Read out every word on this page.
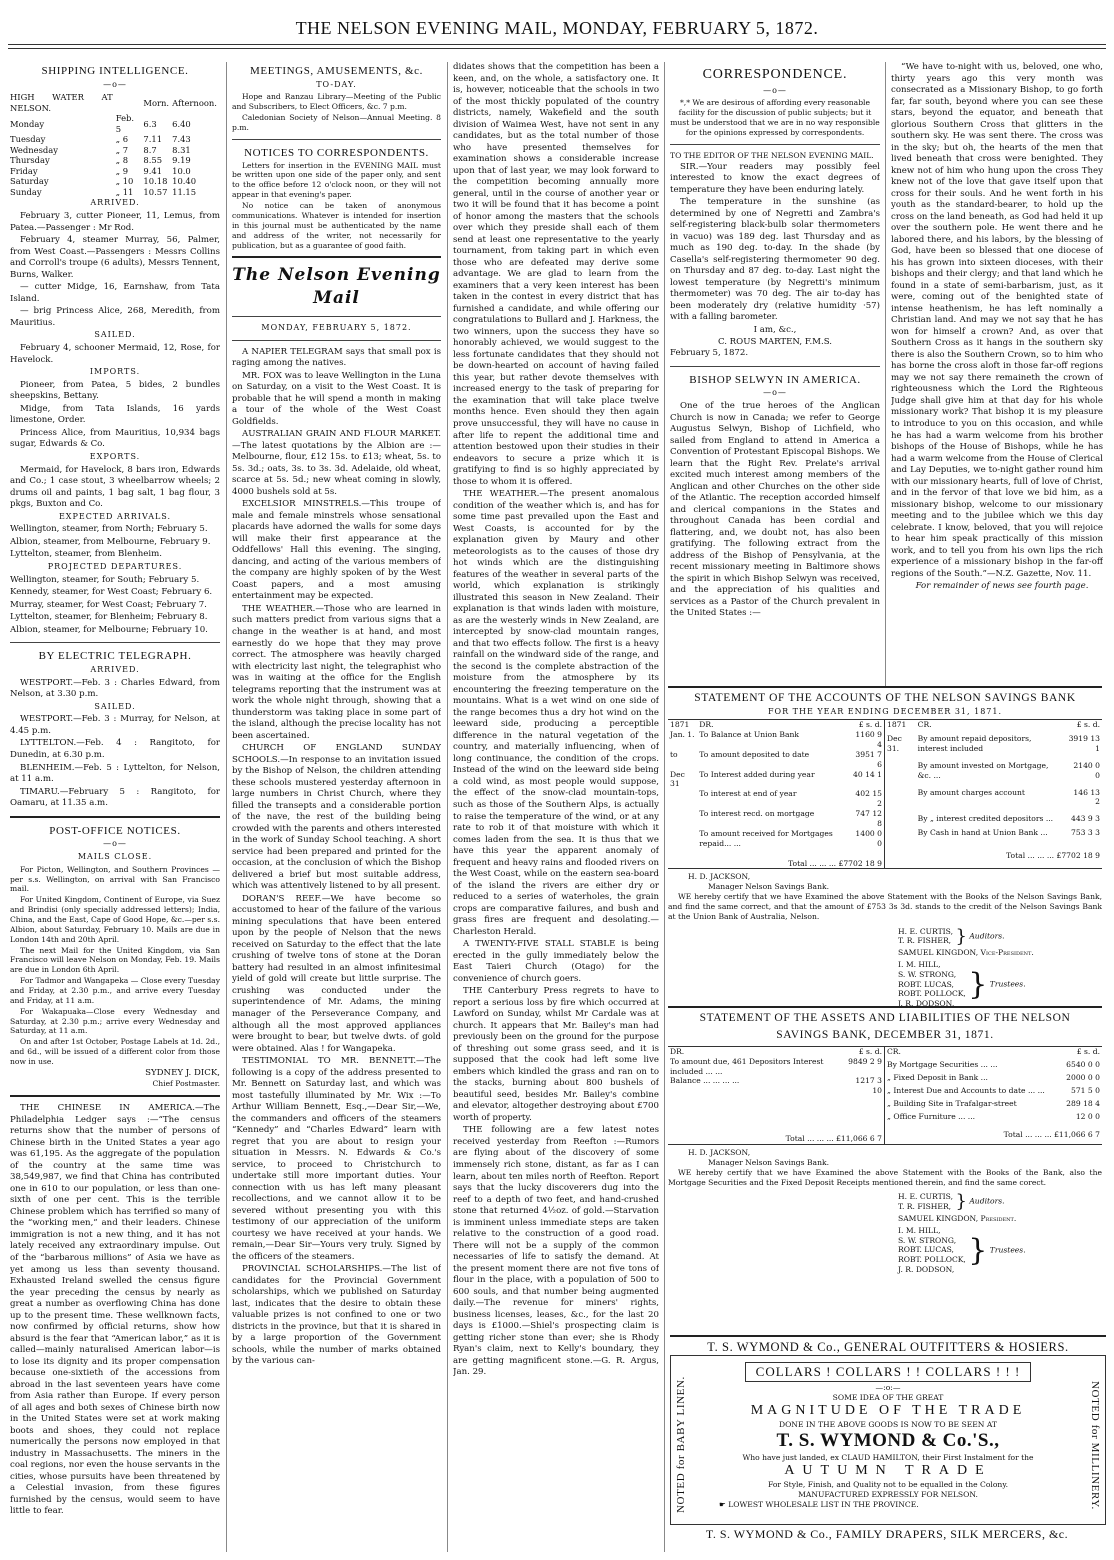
THE NELSON EVENING MAIL, MONDAY, FEBRUARY 5, 1872.
SHIPPING INTELLIGENCE.
—o—
HIGH WATER AT NELSON.		Morn.	Afternoon.
Monday	Feb. 5	6.3	6.40
Tuesday	„ 6	7.11	7.43
Wednesday	„ 7	8.7	8.31
Thursday	„ 8	8.55	9.19
Friday	„ 9	9.41	10.0
Saturday	„ 10	10.18	10.40
Sunday	„ 11	10.57	11.15
ARRIVED.

February 3, cutter Pioneer, 11, Lemus, from Patea.—Passenger : Mr Rod.

February 4, steamer Murray, 56, Palmer, from West Coast.—Passengers : Messrs Collins and Corroll's troupe (6 adults), Messrs Tennent, Burns, Walker.

— cutter Midge, 16, Earnshaw, from Tata Island.

— brig Princess Alice, 268, Meredith, from Mauritius.

SAILED.

February 4, schooner Mermaid, 12, Rose, for Havelock.

IMPORTS.

Pioneer, from Patea, 5 bides, 2 bundles sheepskins, Bettany.

Midge, from Tata Islands, 16 yards limestone, Order.

Princess Alice, from Mauritius, 10,934 bags sugar, Edwards & Co.

EXPORTS.

Mermaid, for Havelock, 8 bars iron, Edwards and Co.; 1 case stout, 3 wheelbarrow wheels; 2 drums oil and paints, 1 bag salt, 1 bag flour, 3 pkgs, Buxton and Co.

EXPECTED ARRIVALS.

Wellington, steamer, from North; February 5.

Albion, steamer, from Melbourne, February 9.

Lyttelton, steamer, from Blenheim.

PROJECTED DEPARTURES.

Wellington, steamer, for South; February 5.

Kennedy, steamer, for West Coast; February 6.

Murray, steamer, for West Coast; February 7.

Lyttelton, steamer, for Blenheim; February 8.

Albion, steamer, for Melbourne; February 10.

BY ELECTRIC TELEGRAPH.
ARRIVED.

WESTPORT.—Feb. 3 : Charles Edward, from Nelson, at 3.30 p.m.

SAILED.

WESTPORT.—Feb. 3 : Murray, for Nelson, at 4.45 p.m.

LYTTELTON.—Feb. 4 : Rangitoto, for Dunedin, at 6.30 p.m.

BLENHEIM.—Feb. 5 : Lyttelton, for Nelson, at 11 a.m.

TIMARU.—February 5 : Rangitoto, for Oamaru, at 11.35 a.m.

POST-OFFICE NOTICES.
—o—
MAILS CLOSE.

For Picton, Wellington, and Southern Provinces —per s.s. Wellington, on arrival with San Francisco mail.

For United Kingdom, Continent of Europe, via Suez and Brindisi (only specially addressed letters); India, China, and the East, Cape of Good Hope, &c.—per s.s. Albion, about Saturday, February 10. Mails are due in London 14th and 20th April.

The next Mail for the United Kingdom, via San Francisco will leave Nelson on Monday, Feb. 19. Mails are due in London 6th April.

For Tadmor and Wangapeka — Close every Tuesday and Friday, at 2.30 p.m., and arrive every Tuesday and Friday, at 11 a.m.

For Wakapuaka—Close every Wednesday and Saturday, at 2.30 p.m.; arrive every Wednesday and Saturday, at 11 a.m.

On and after 1st October, Postage Labels at 1d. 2d., and 6d., will be issued of a different color from those now in use.

SYDNEY J. DICK,
Chief Postmaster.

THE CHINESE IN AMERICA.—The Philadelphia Ledger says :—“The census returns show that the number of persons of Chinese birth in the United States a year ago was 61,195. As the aggregate of the population of the country at the same time was 38,549,987, we find that China has contributed one in 610 to our population, or less than one-sixth of one per cent. This is the terrible Chinese problem which has terrified so many of the “working men,” and their leaders. Chinese immigration is not a new thing, and it has not lately received any extraordinary impulse. Out of the “barbarous millions” of Asia we have as yet among us less than seventy thousand. Exhausted Ireland swelled the census figure the year preceding the census by nearly as great a number as overflowing China has done up to the present time. These wellknown facts, now confirmed by official returns, show how absurd is the fear that “American labor,” as it is called—mainly naturalised American labor—is to lose its dignity and its proper compensation because one-sixtieth of the accessions from abroad in the last seventeen years have come from Asia rather than Europe. If every person of all ages and both sexes of Chinese birth now in the United States were set at work making boots and shoes, they could not replace numerically the persons now employed in that industry in Massachusetts. The miners in the coal regions, nor even the house servants in the cities, whose pursuits have been threatened by a Celestial invasion, from these figures furnished by the census, would seem to have little to fear.

MEETINGS, AMUSEMENTS, &c.
TO-DAY.

Hope and Ranzau Library—Meeting of the Public and Subscribers, to Elect Officers, &c. 7 p.m.

Caledonian Society of Nelson—Annual Meeting. 8 p.m.

NOTICES TO CORRESPONDENTS.

Letters for insertion in the EVENING MAIL must be written upon one side of the paper only, and sent to the office before 12 o'clock noon, or they will not appear in that evening's paper.

No notice can be taken of anonymous communications. Whatever is intended for insertion in this journal must be authenticated by the name and address of the writer, not necessarily for publication, but as a guarantee of good faith.

The Nelson Evening Mail
MONDAY, FEBRUARY 5, 1872.

A NAPIER TELEGRAM says that small pox is raging among the natives.

MR. FOX was to leave Wellington in the Luna on Saturday, on a visit to the West Coast. It is probable that he will spend a month in making a tour of the whole of the West Coast Goldfields.

AUSTRALIAN GRAIN AND FLOUR MARKET.—The latest quotations by the Albion are :—Melbourne, flour, £12 15s. to £13; wheat, 5s. to 5s. 3d.; oats, 3s. to 3s. 3d. Adelaide, old wheat, scarce at 5s. 5d.; new wheat coming in slowly, 4000 bushels sold at 5s.

EXCELSIOR MINSTRELS.—This troupe of male and female minstrels whose sensational placards have adorned the walls for some days will make their first appearance at the Oddfellows' Hall this evening. The singing, dancing, and acting of the various members of the company are highly spoken of by the West Coast papers, and a most amusing entertainment may be expected.

THE WEATHER.—Those who are learned in such matters predict from various signs that a change in the weather is at hand, and most earnestly do we hope that they may prove correct. The atmosphere was heavily charged with electricity last night, the telegraphist who was in waiting at the office for the English telegrams reporting that the instrument was at work the whole night through, showing that a thunderstorm was taking place in some part of the island, although the precise locality has not been ascertained.

CHURCH OF ENGLAND SUNDAY SCHOOLS.—In response to an invitation issued by the Bishop of Nelson, the children attending these schools mustered yesterday afternoon in large numbers in Christ Church, where they filled the transepts and a considerable portion of the nave, the rest of the building being crowded with the parents and others interested in the work of Sunday School teaching. A short service had been prepared and printed for the occasion, at the conclusion of which the Bishop delivered a brief but most suitable address, which was attentively listened to by all present.

DORAN'S REEF.—We have become so accustomed to hear of the failure of the various mining speculations that have been entered upon by the people of Nelson that the news received on Saturday to the effect that the late crushing of twelve tons of stone at the Doran battery had resulted in an almost infinitesimal yield of gold will create but little surprise. The crushing was conducted under the superintendence of Mr. Adams, the mining manager of the Perseverance Company, and although all the most approved appliances were brought to bear, but twelve dwts. of gold were obtained. Alas ! for Wangapeka.

TESTIMONIAL TO MR. BENNETT.—The following is a copy of the address presented to Mr. Bennett on Saturday last, and which was most tastefully illuminated by Mr. Wix :—To Arthur William Bennett, Esq.,—Dear Sir,—We, the commanders and officers of the steamers “Kennedy” and “Charles Edward” learn with regret that you are about to resign your situation in Messrs. N. Edwards & Co.'s service, to proceed to Christchurch to undertake still more important duties. Your connection with us has left many pleasant recollections, and we cannot allow it to be severed without presenting you with this testimony of our appreciation of the uniform courtesy we have received at your hands. We remain,—Dear Sir—Yours very truly. Signed by the officers of the steamers.

PROVINCIAL SCHOLARSHIPS.—The list of candidates for the Provincial Government scholarships, which we published on Saturday last, indicates that the desire to obtain these valuable prizes is not confined to one or two districts in the province, but that it is shared in by a large proportion of the Government schools, while the number of marks obtained by the various can-

didates shows that the competition has been a keen, and, on the whole, a satisfactory one. It is, however, noticeable that the schools in two of the most thickly populated of the country districts, namely, Wakefield and the south division of Waimea West, have not sent in any candidates, but as the total number of those who have presented themselves for examination shows a considerable increase upon that of last year, we may look forward to the competition becoming annually more general, until in the course of another year or two it will be found that it has become a point of honor among the masters that the schools over which they preside shall each of them send at least one representative to the yearly tournament, from taking part in which even those who are defeated may derive some advantage. We are glad to learn from the examiners that a very keen interest has been taken in the contest in every district that has furnished a candidate, and while offering our congratulations to Bullard and J. Harkness, the two winners, upon the success they have so honorably achieved, we would suggest to the less fortunate candidates that they should not be down-hearted on account of having failed this year, but rather devote themselves with increased energy to the task of preparing for the examination that will take place twelve months hence. Even should they then again prove unsuccessful, they will have no cause in after life to repent the additional time and attention bestowed upon their studies in their endeavors to secure a prize which it is gratifying to find is so highly appreciated by those to whom it is offered.

THE WEATHER.—The present anomalous condition of the weather which is, and has for some time past prevailed upon the East and West Coasts, is accounted for by the explanation given by Maury and other meteorologists as to the causes of those dry hot winds which are the distinguishing features of the weather in several parts of the world, which explanation is strikingly illustrated this season in New Zealand. Their explanation is that winds laden with moisture, as are the westerly winds in New Zealand, are intercepted by snow-clad mountain ranges, and that two effects follow. The first is a heavy rainfall on the windward side of the range, and the second is the complete abstraction of the moisture from the atmosphere by its encountering the freezing temperature on the mountains. What is a wet wind on one side of the range becomes thus a dry hot wind on the leeward side, producing a perceptible difference in the natural vegetation of the country, and materially influencing, when of long continuance, the condition of the crops. Instead of the wind on the leeward side being a cold wind, as most people would suppose, the effect of the snow-clad mountain-tops, such as those of the Southern Alps, is actually to raise the temperature of the wind, or at any rate to rob it of that moisture with which it comes laden from the sea. It is thus that we have this year the apparent anomaly of frequent and heavy rains and flooded rivers on the West Coast, while on the eastern sea-board of the island the rivers are either dry or reduced to a series of waterholes, the grain crops are comparative failures, and bush and grass fires are frequent and desolating.—Charleston Herald.

A TWENTY-FIVE STALL STABLE is being erected in the gully immediately below the East Taieri Church (Otago) for the convenience of church goers.

THE Canterbury Press regrets to have to report a serious loss by fire which occurred at Lawford on Sunday, whilst Mr Cardale was at church. It appears that Mr. Bailey's man had previously been on the ground for the purpose of threshing out some grass seed, and it is supposed that the cook had left some live embers which kindled the grass and ran on to the stacks, burning about 800 bushels of beautiful seed, besides Mr. Bailey's combine and elevator, altogether destroying about £700 worth of property.

THE following are a few latest notes received yesterday from Reefton :—Rumors are flying about of the discovery of some immensely rich stone, distant, as far as I can learn, about ten miles north of Reefton. Report says that the lucky discoverers dug into the reef to a depth of two feet, and hand-crushed stone that returned 4½oz. of gold.—Starvation is imminent unless immediate steps are taken relative to the construction of a good road. There will not be a supply of the common necessaries of life to satisfy the demand. At the present moment there are not five tons of flour in the place, with a population of 500 to 600 souls, and that number being augmented daily.—The revenue for miners' rights, business licenses, leases, &c., for the last 20 days is £1000.—Shiel's prospecting claim is getting richer stone than ever; she is Rhody Ryan's claim, next to Kelly's boundary, they are getting magnificent stone.—G. R. Argus, Jan. 29.

CORRESPONDENCE.
—o—

*,* We are desirous of affording every reasonable facility for the discussion of public subjects; but it must be understood that we are in no way responsible for the opinions expressed by correspondents.

TO THE EDITOR OF THE NELSON EVENING MAIL.

SIR.—Your readers may possibly feel interested to know the exact degrees of temperature they have been enduring lately.

The temperature in the sunshine (as determined by one of Negretti and Zambra's self-registering black-bulb solar thermometers in vacuo) was 189 deg. last Thursday and as much as 190 deg. to-day. In the shade (by Casella's self-registering thermometer 90 deg. on Thursday and 87 deg. to-day. Last night the lowest temperature (by Negretti's minimum thermometer) was 70 deg. The air to-day has been moderately dry (relative humidity ·57) with a falling barometer.

I am, &c.,
C. ROUS MARTEN, F.M.S.
February 5, 1872.
BISHOP SELWYN IN AMERICA.
—o—

One of the true heroes of the Anglican Church is now in Canada; we refer to George Augustus Selwyn, Bishop of Lichfield, who sailed from England to attend in America a Convention of Protestant Episcopal Bishops. We learn that the Right Rev. Prelate's arrival excited much interest among members of the Anglican and other Churches on the other side of the Atlantic. The reception accorded himself and clerical companions in the States and throughout Canada has been cordial and flattering, and, we doubt not, has also been gratifying. The following extract from the address of the Bishop of Pensylvania, at the recent missionary meeting in Baltimore shows the spirit in which Bishop Selwyn was received, and the appreciation of his qualities and services as a Pastor of the Church prevalent in the United States :—

“We have to-night with us, beloved, one who, thirty years ago this very month was consecrated as a Missionary Bishop, to go forth far, far south, beyond where you can see these stars, beyond the equator, and beneath that glorious Southern Cross that glitters in the southern sky. He was sent there. The cross was in the sky; but oh, the hearts of the men that lived beneath that cross were benighted. They knew not of him who hung upon the cross They knew not of the love that gave itself upon that cross for their souls. And he went forth in his youth as the standard-bearer, to hold up the cross on the land beneath, as God had held it up over the southern pole. He went there and he labored there, and his labors, by the blessing of God, have been so blessed that one diocese of his has grown into sixteen dioceses, with their bishops and their clergy; and that land which he found in a state of semi-barbarism, just, as it were, coming out of the benighted state of intense heathenism, he has left nominally a Christian land. And may we not say that he has won for himself a crown? And, as over that Southern Cross as it hangs in the southern sky there is also the Southern Crown, so to him who has borne the cross aloft in those far-off regions may we not say there remaineth the crown of righteousness which the Lord the Righteous Judge shall give him at that day for his whole missionary work? That bishop it is my pleasure to introduce to you on this occasion, and while he has had a warm welcome from his brother bishops of the House of Bishops, while he has had a warm welcome from the House of Clerical and Lay Deputies, we to-night gather round him with our missionary hearts, full of love of Christ, and in the fervor of that love we bid him, as a missionary bishop, welcome to our missionary meeting and to the jubilee which we this day celebrate. I know, beloved, that you will rejoice to hear him speak practically of this mission work, and to tell you from his own lips the rich experience of a missionary bishop in the far-off regions of the South.”—N.Z. Gazette, Nov. 11.

For remainder of news see fourth page.

STATEMENT OF THE ACCOUNTS OF THE NELSON SAVINGS BANK
FOR THE YEAR ENDING DECEMBER 31, 1871.
1871	DR.	£ s. d.
Jan. 1.	To Balance at Union Bank	1160 9 4
to	To amount deposited to date	3951 7 6
Dec 31	To Interest added during year	40 14 1
	To interest at end of year	402 15 2
	To interest recd. on mortgage	747 12 8
	To amount received for Mortgages repaid... ...	1400 0 0
	Total ... ... ... £7702 18 9	
1871	CR.	£ s. d.
Dec 31.	By amount repaid depositors, interest included	3919 13 1
	By amount invested on Mortgage, &c. ...	2140 0 0
	By amount charges account	146 13 2
	By „ interest credited depositors ...	443 9 3
	By Cash in hand at Union Bank ...	753 3 3
	Total ... ... ... £7702 18 9	
H. D. JACKSON,
Manager Nelson Savings Bank.
WE hereby certify that we have Examined the above Statement with the Books of the Nelson Savings Bank, and find the same correct, and that the amount of £753 3s 3d. stands to the credit of the Nelson Savings Bank at the Union Bank of Australia, Nelson.
H. E. CURTIS,
T. R. FISHER, } Auditors.
SAMUEL KINGDON, Vice-President.
I. M. HILL,
S. W. STRONG,
ROBT. LUCAS,
ROBT. POLLOCK,
J. R. DODSON,
} Trustees.
STATEMENT OF THE ASSETS AND LIABILITIES OF THE NELSON
SAVINGS BANK, DECEMBER 31, 1871.
DR.	£ s. d.
To amount due, 461 Depositors Interest included ... ...	9849 2 9
Balance ... ... ... ...	1217 3 10
Total ... ... ... £11,066 6 7	
CR.	£ s. d.
By Mortgage Securities ... ...	6540 0 0
„ Fixed Deposit in Bank ...	2000 0 0
„ Interest Due and Accounts to date ... ...	571 5 0
„ Building Site in Trafalgar-street	289 18 4
„ Office Furniture ... ...	12 0 0
Total ... ... ... £11,066 6 7	
H. D. JACKSON,
Manager Nelson Savings Bank.
WE hereby certify that we have Examined the above Statement with the Books of the Bank, also the Mortgage Securities and the Fixed Deposit Receipts mentioned therein, and find the same corect.
H. E. CURTIS,
T. R. FISHER, } Auditors.
SAMUEL KINGDON, President.
I. M. HILL,
S. W. STRONG,
ROBT. LUCAS,
ROBT. POLLOCK,
J. R. DODSON,
} Trustees.
T. S. WYMOND & Co., GENERAL OUTFITTERS & HOSIERS.
NOTED for BABY LINEN.	NOTED for MILLINERY.
COLLARS ! COLLARS ! ! COLLARS ! ! !
—:o:—
SOME IDEA OF THE GREAT
MAGNITUDE OF THE TRADE
DONE IN THE ABOVE GOODS IS NOW TO BE SEEN AT
T. S. WYMOND & Co.'S.,
Who have just landed, ex CLAUD HAMILTON, their First Instalment for the
AUTUMN TRADE
For Style, Finish, and Quality not to be equalled in the Colony.
MANUFACTURED EXPRESSLY FOR NELSON.
☛ LOWEST WHOLESALE LIST IN THE PROVINCE.
T. S. WYMOND & Co., FAMILY DRAPERS, SILK MERCERS, &c.
